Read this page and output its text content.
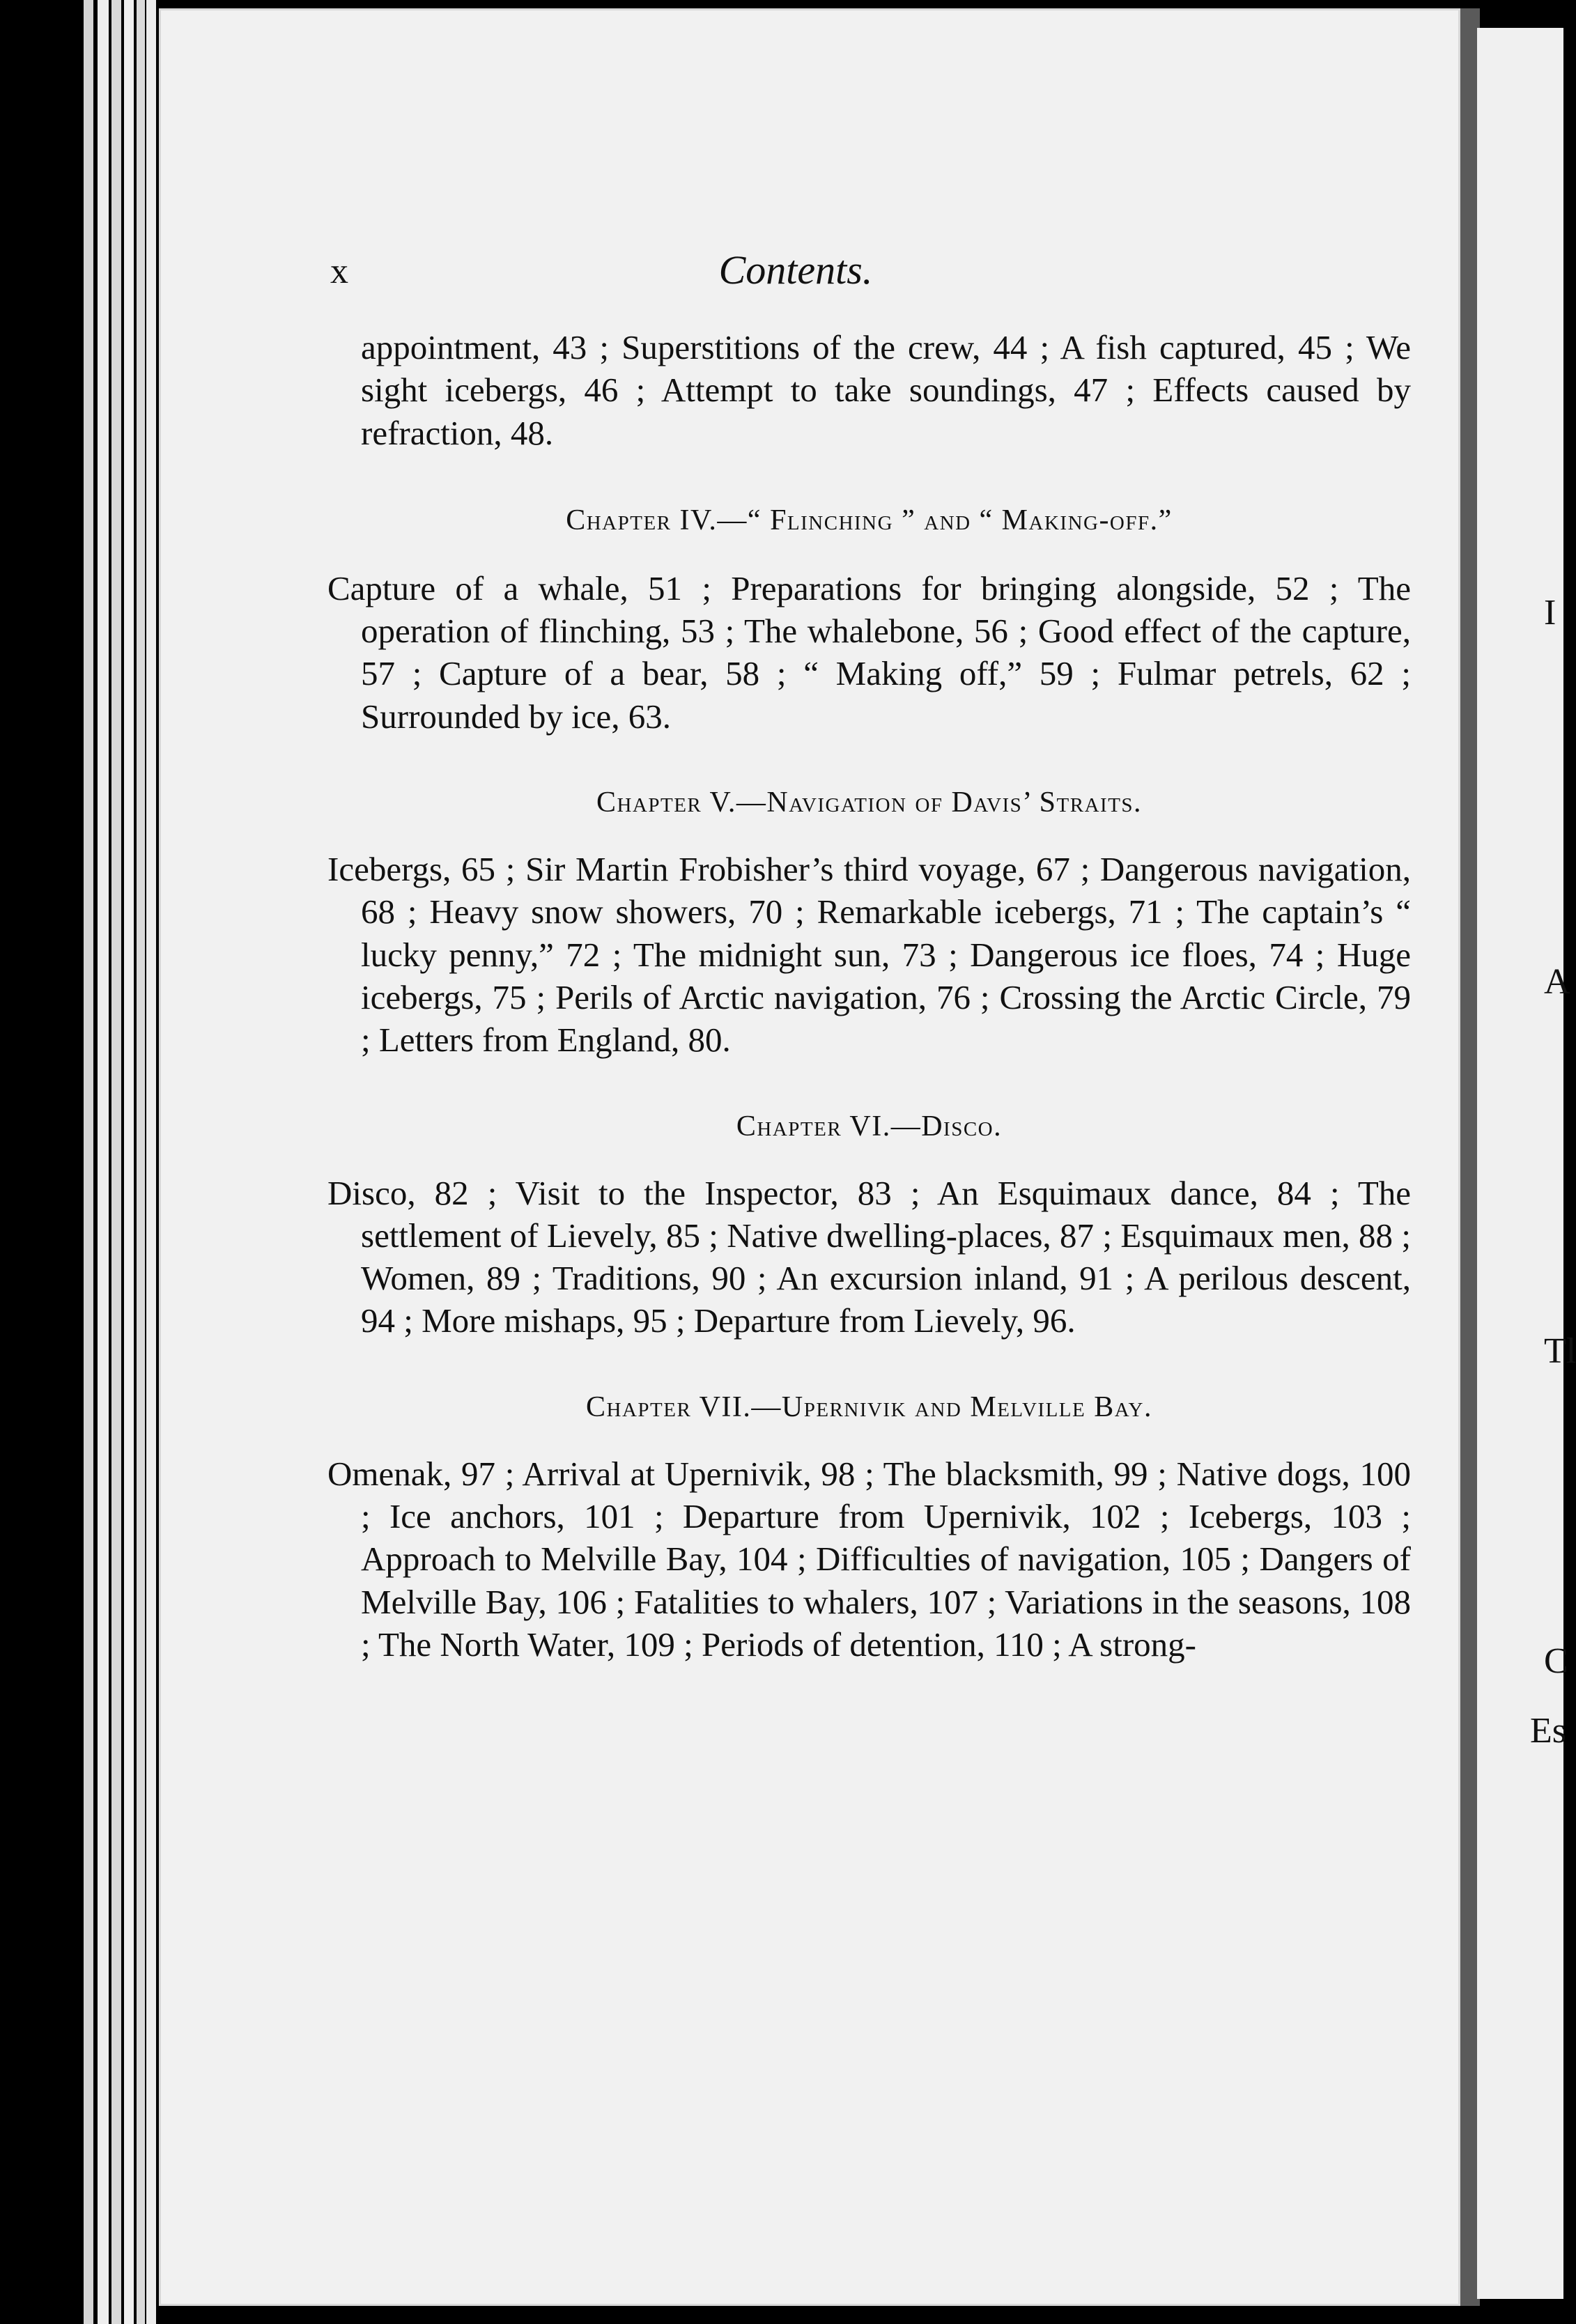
I
A
Tl
C
Es
x	Contents.

appointment, 43 ; Superstitions of the crew, 44 ; A fish captured, 45 ; We sight icebergs, 46 ; Attempt to take soundings, 47 ; Effects caused by refraction, 48.

Chapter IV.—“ Flinching ” and “ Making-off.”

Capture of a whale, 51 ; Preparations for bringing alongside, 52 ; The operation of flinching, 53 ; The whalebone, 56 ; Good effect of the capture, 57 ; Capture of a bear, 58 ; “ Making off,” 59 ; Fulmar petrels, 62 ; Surrounded by ice, 63.

Chapter V.—Navigation of Davis’ Straits.

Icebergs, 65 ; Sir Martin Frobisher’s third voyage, 67 ; Dangerous navigation, 68 ; Heavy snow showers, 70 ; Remarkable icebergs, 71 ; The captain’s “ lucky penny,” 72 ; The midnight sun, 73 ; Dangerous ice floes, 74 ; Huge icebergs, 75 ; Perils of Arctic navigation, 76 ; Crossing the Arctic Circle, 79 ; Letters from England, 80.

Chapter VI.—Disco.

Disco, 82 ; Visit to the Inspector, 83 ; An Esquimaux dance, 84 ; The settlement of Lievely, 85 ; Native dwelling-places, 87 ; Esquimaux men, 88 ; Women, 89 ; Traditions, 90 ; An excursion inland, 91 ; A perilous descent, 94 ; More mishaps, 95 ; Departure from Lievely, 96.

Chapter VII.—Upernivik and Melville Bay.

Omenak, 97 ; Arrival at Upernivik, 98 ; The blacksmith, 99 ; Native dogs, 100 ; Ice anchors, 101 ; Departure from Upernivik, 102 ; Icebergs, 103 ; Approach to Melville Bay, 104 ; Difficulties of navigation, 105 ; Dangers of Melville Bay, 106 ; Fatalities to whalers, 107 ; Variations in the seasons, 108 ; The North Water, 109 ; Periods of detention, 110 ; A strong-
